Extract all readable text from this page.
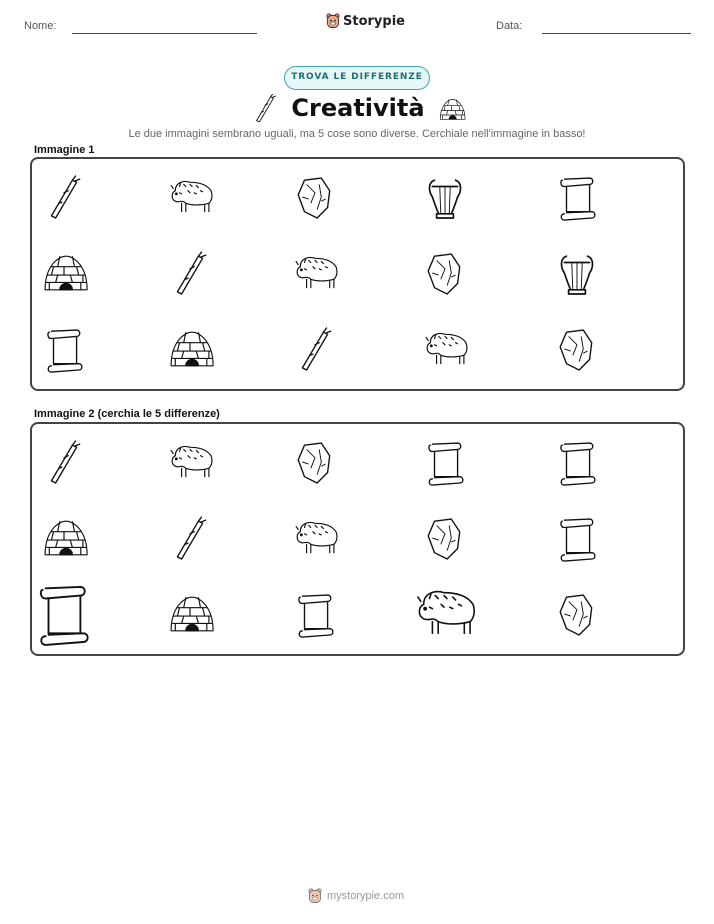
Nome:	Storypie	Data:
TROVA LE DIFFERENZE
Creatività
Le due immagini sembrano uguali, ma 5 cose sono diverse. Cerchiale nell'immagine in basso!
Immagine 1
Immagine 2 (cerchia le 5 differenze)
mystorypie.com
